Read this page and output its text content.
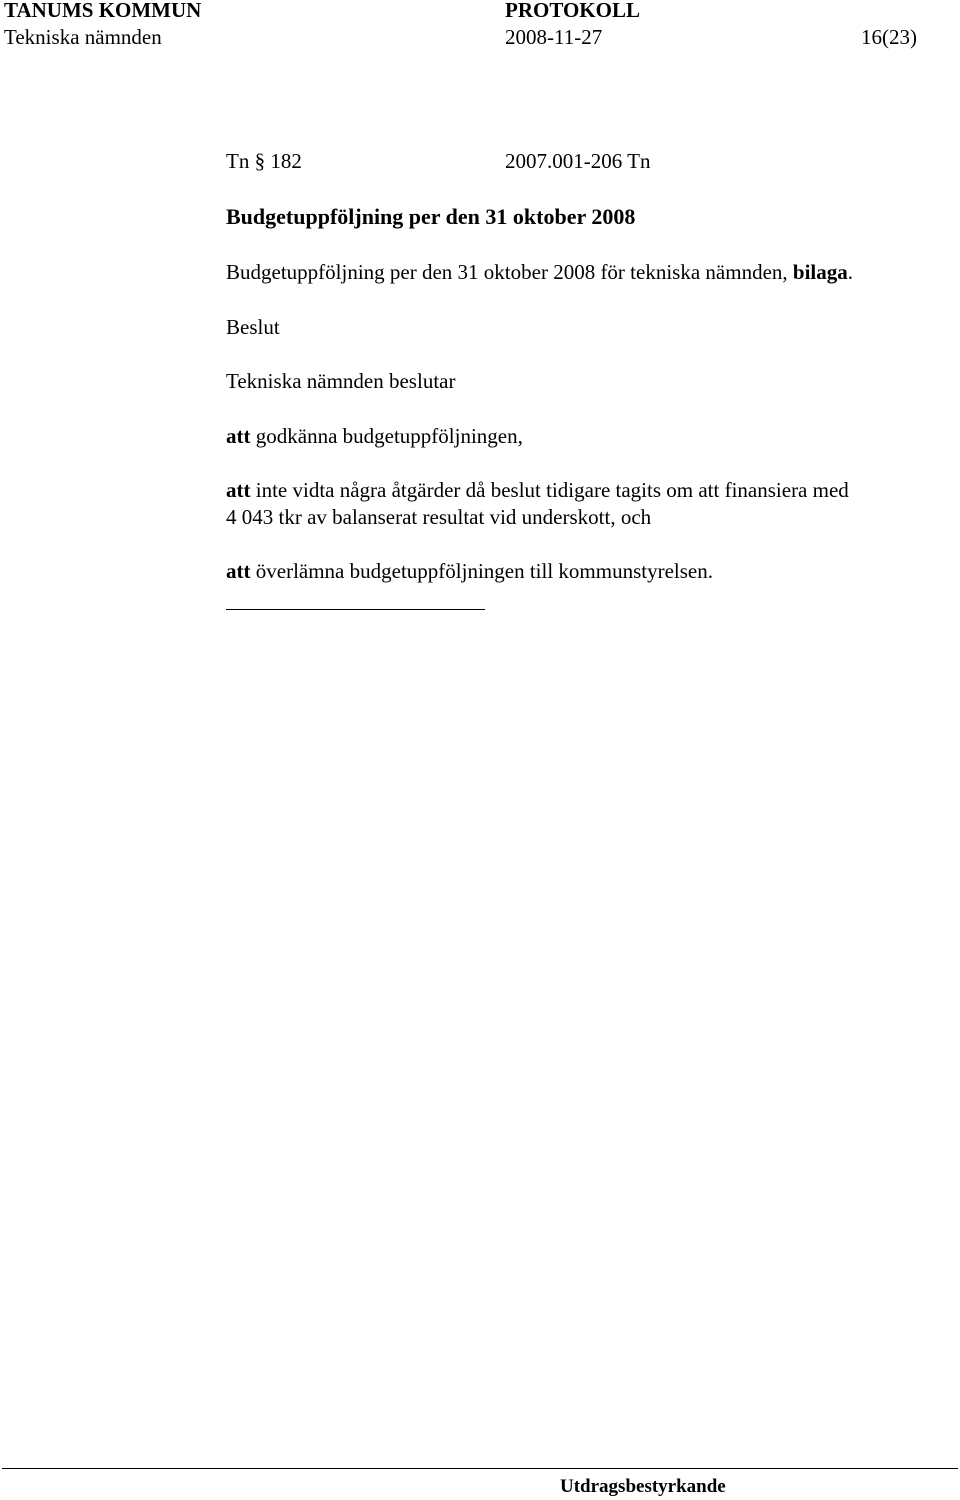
TANUMS KOMMUN
Tekniska nämnden
PROTOKOLL
2008-11-27	16(23)
Tn § 182	2007.001-206 Tn
Budgetuppföljning per den 31 oktober 2008
Budgetuppföljning per den 31 oktober 2008 för tekniska nämnden, bilaga.
Beslut
Tekniska nämnden beslutar
att godkänna budgetuppföljningen,
att inte vidta några åtgärder då beslut tidigare tagits om att finansiera med
4 043 tkr av balanserat resultat vid underskott, och
att överlämna budgetuppföljningen till kommunstyrelsen.
Utdragsbestyrkande
